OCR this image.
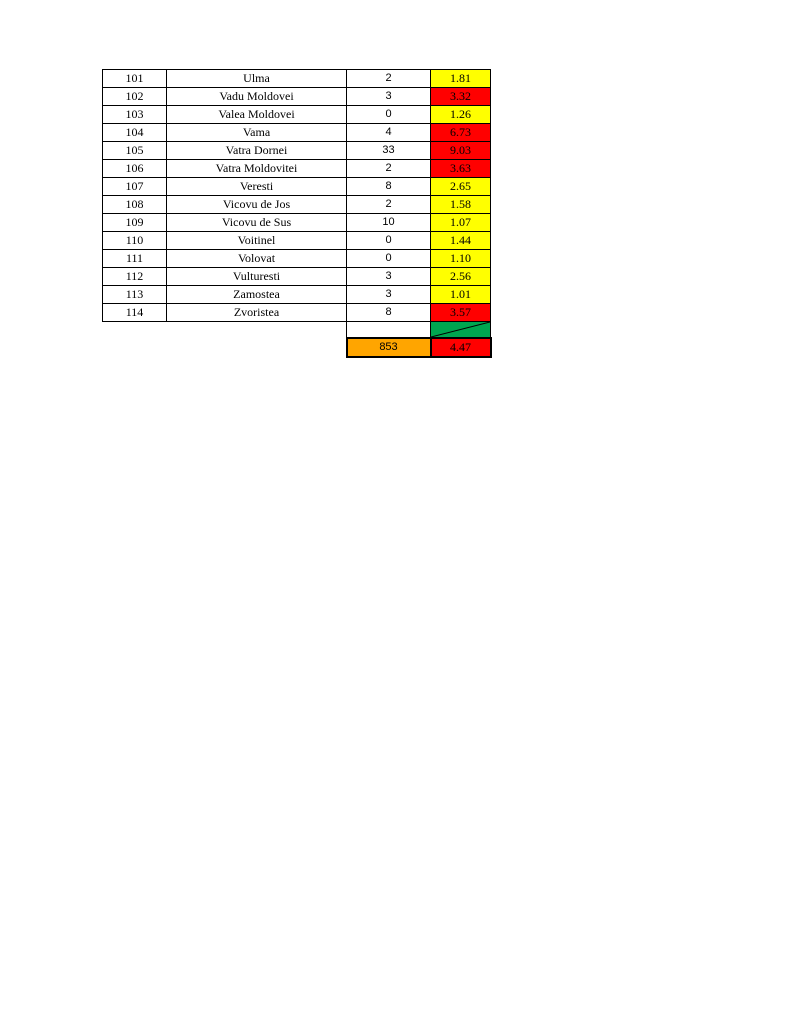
101	Ulma	2	1.81
102	Vadu Moldovei	3	3.32
103	Valea Moldovei	0	1.26
104	Vama	4	6.73
105	Vatra Dornei	33	9.03
106	Vatra Moldovitei	2	3.63
107	Veresti	8	2.65
108	Vicovu de Jos	2	1.58
109	Vicovu de Sus	10	1.07
110	Voitinel	0	1.44
111	Volovat	0	1.10
112	Vulturesti	3	2.56
113	Zamostea	3	1.01
114	Zvoristea	8	3.57

		853	4.47
